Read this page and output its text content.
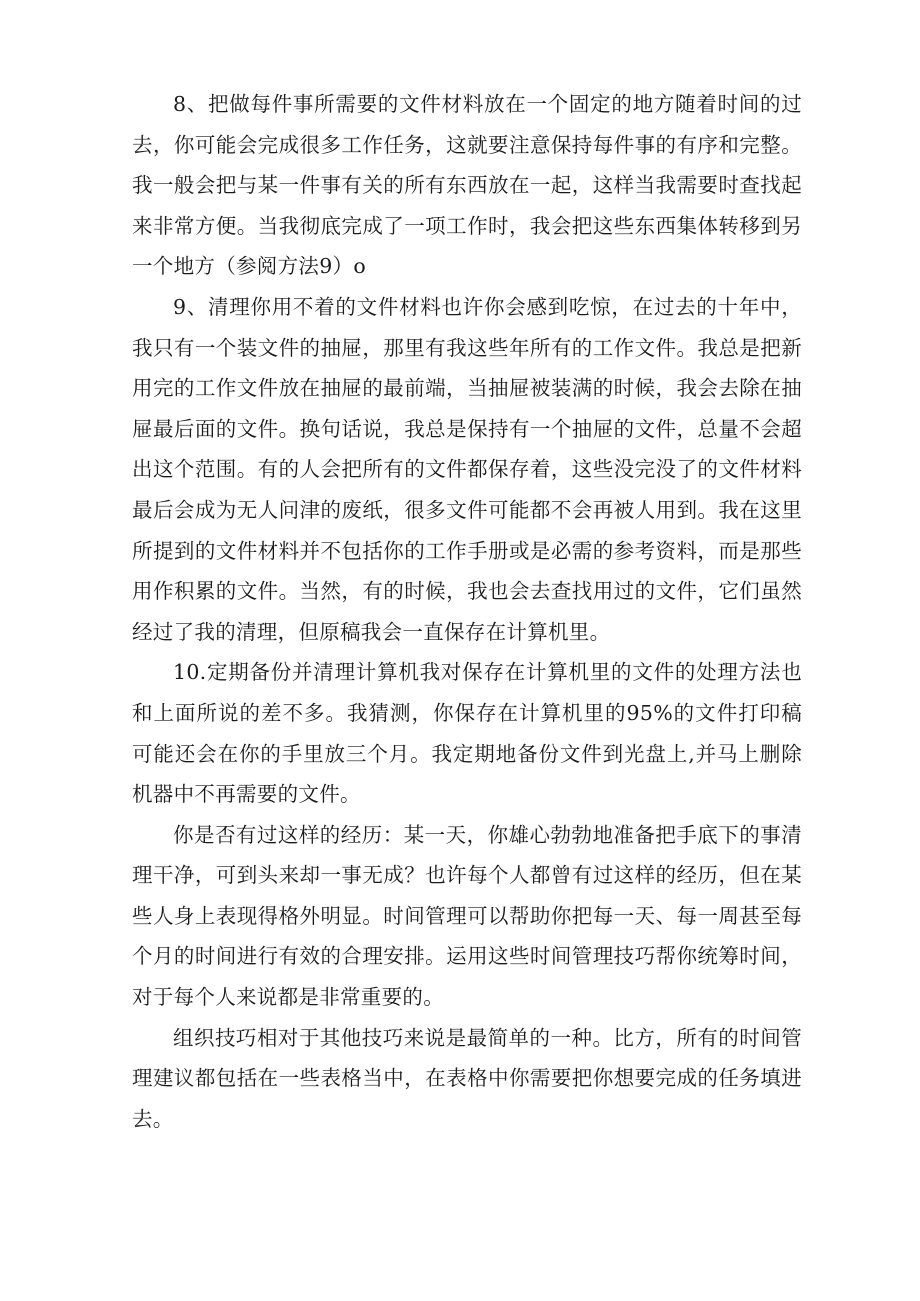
8、把做每件事所需要的文件材料放在一个固定的地方随着时间的过去，你可能会完成很多工作任务，这就要注意保持每件事的有序和完整。我一般会把与某一件事有关的所有东西放在一起，这样当我需要时查找起来非常方便。当我彻底完成了一项工作时，我会把这些东西集体转移到另一个地方（参阅方法9）o

9、清理你用不着的文件材料也许你会感到吃惊，在过去的十年中，我只有一个装文件的抽屉，那里有我这些年所有的工作文件。我总是把新用完的工作文件放在抽屉的最前端，当抽屉被装满的时候，我会去除在抽屉最后面的文件。换句话说，我总是保持有一个抽屉的文件，总量不会超出这个范围。有的人会把所有的文件都保存着，这些没完没了的文件材料最后会成为无人问津的废纸，很多文件可能都不会再被人用到。我在这里所提到的文件材料并不包括你的工作手册或是必需的参考资料，而是那些用作积累的文件。当然，有的时候，我也会去查找用过的文件，它们虽然经过了我的清理，但原稿我会一直保存在计算机里。

10.定期备份并清理计算机我对保存在计算机里的文件的处理方法也和上面所说的差不多。我猜测，你保存在计算机里的95%的文件打印稿可能还会在你的手里放三个月。我定期地备份文件到光盘上,并马上删除机器中不再需要的文件。

你是否有过这样的经历：某一天，你雄心勃勃地准备把手底下的事清理干净，可到头来却一事无成？也许每个人都曾有过这样的经历，但在某些人身上表现得格外明显。时间管理可以帮助你把每一天、每一周甚至每个月的时间进行有效的合理安排。运用这些时间管理技巧帮你统筹时间，对于每个人来说都是非常重要的。

组织技巧相对于其他技巧来说是最简单的一种。比方，所有的时间管理建议都包括在一些表格当中，在表格中你需要把你想要完成的任务填进去。
